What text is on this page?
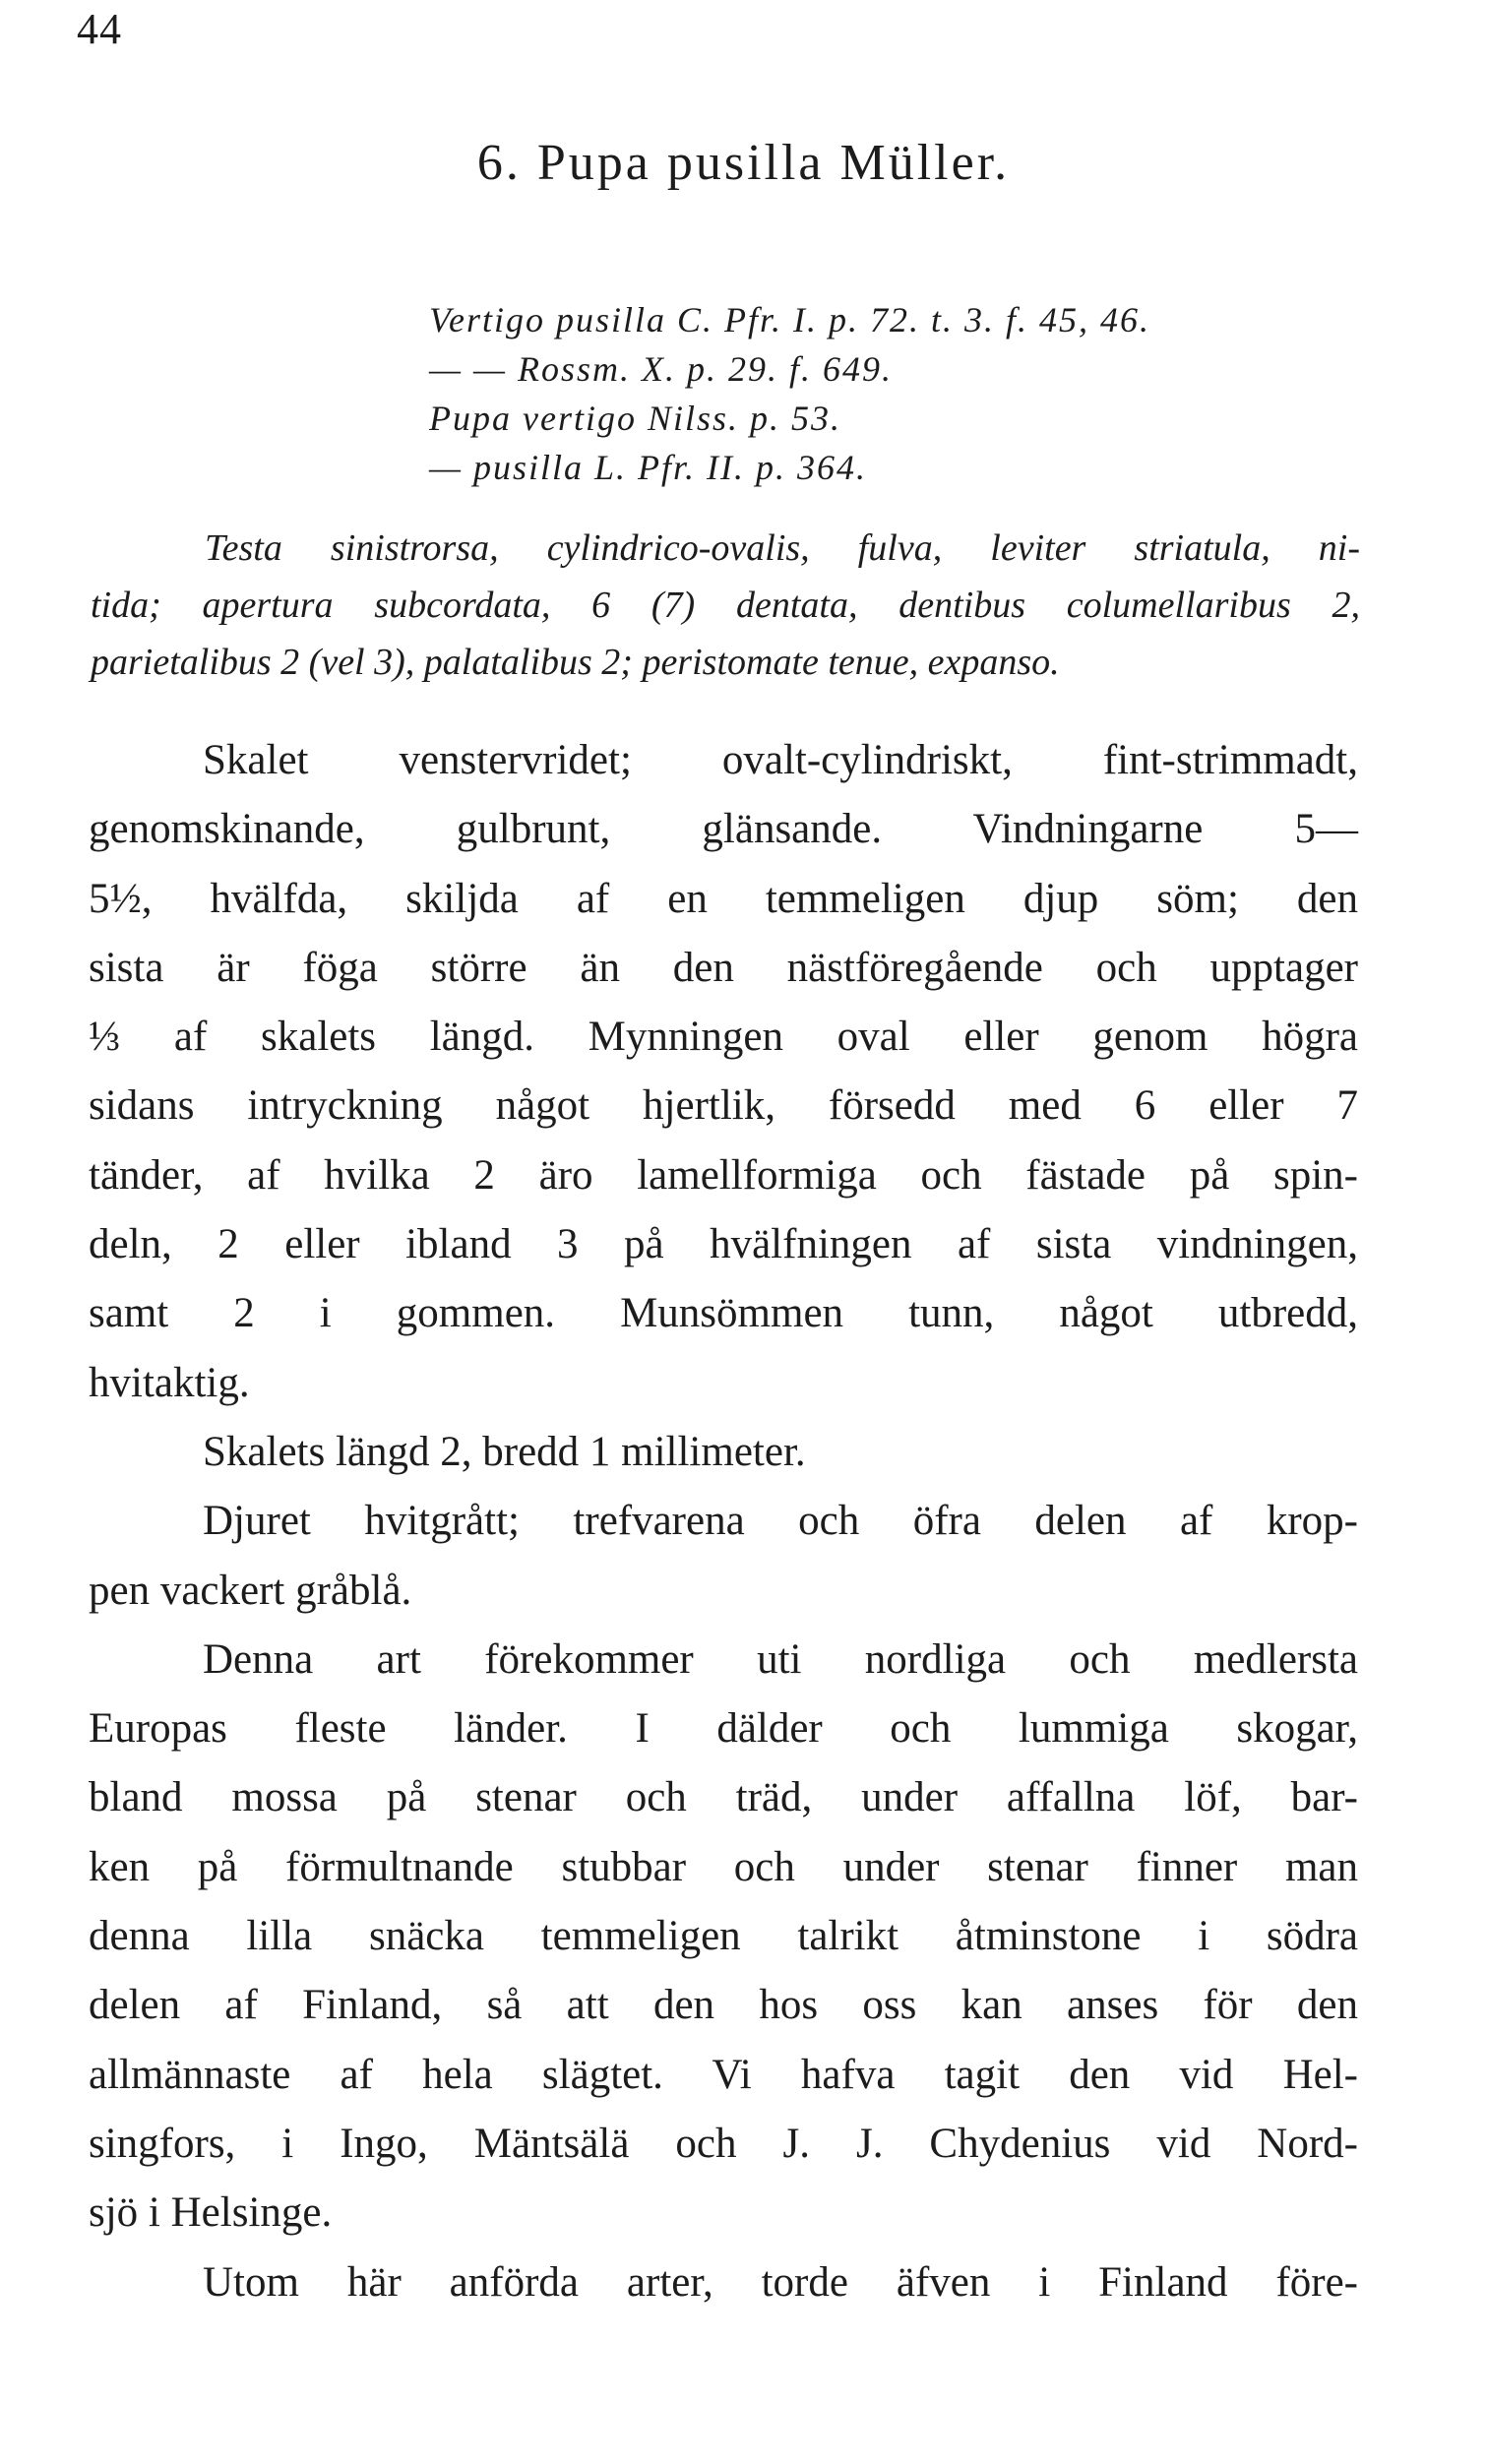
44
6. Pupa pusilla Müller.
Vertigo pusilla C. Pfr. I. p. 72. t. 3. f. 45, 46.
— — Rossm. X. p. 29. f. 649.
Pupa vertigo Nilss. p. 53.
— pusilla L. Pfr. II. p. 364.
Testa sinistrorsa, cylindrico-ovalis, fulva, leviter striatula, ni-
tida; apertura subcordata, 6 (7) dentata, dentibus columellaribus 2,
parietalibus 2 (vel 3), palatalibus 2; peristomate tenue, expanso.
Skalet venstervridet; ovalt-cylindriskt, fint-strimmadt,
genomskinande, gulbrunt, glänsande. Vindningarne 5—
5½, hvälfda, skiljda af en temmeligen djup söm; den
sista är föga större än den nästföregående och upptager
⅓ af skalets längd. Mynningen oval eller genom högra
sidans intryckning något hjertlik, försedd med 6 eller 7
tänder, af hvilka 2 äro lamellformiga och fästade på spin-
deln, 2 eller ibland 3 på hvälfningen af sista vindningen,
samt 2 i gommen. Munsömmen tunn, något utbredd,
hvitaktig.
Skalets längd 2, bredd 1 millimeter.
Djuret hvitgrått; trefvarena och öfra delen af krop-
pen vackert gråblå.
Denna art förekommer uti nordliga och medlersta
Europas fleste länder. I dälder och lummiga skogar,
bland mossa på stenar och träd, under affallna löf, bar-
ken på förmultnande stubbar och under stenar finner man
denna lilla snäcka temmeligen talrikt åtminstone i södra
delen af Finland, så att den hos oss kan anses för den
allmännaste af hela slägtet. Vi hafva tagit den vid Hel-
singfors, i Ingo, Mäntsälä och J. J. Chydenius vid Nord-
sjö i Helsinge.
Utom här anförda arter, torde äfven i Finland före-
